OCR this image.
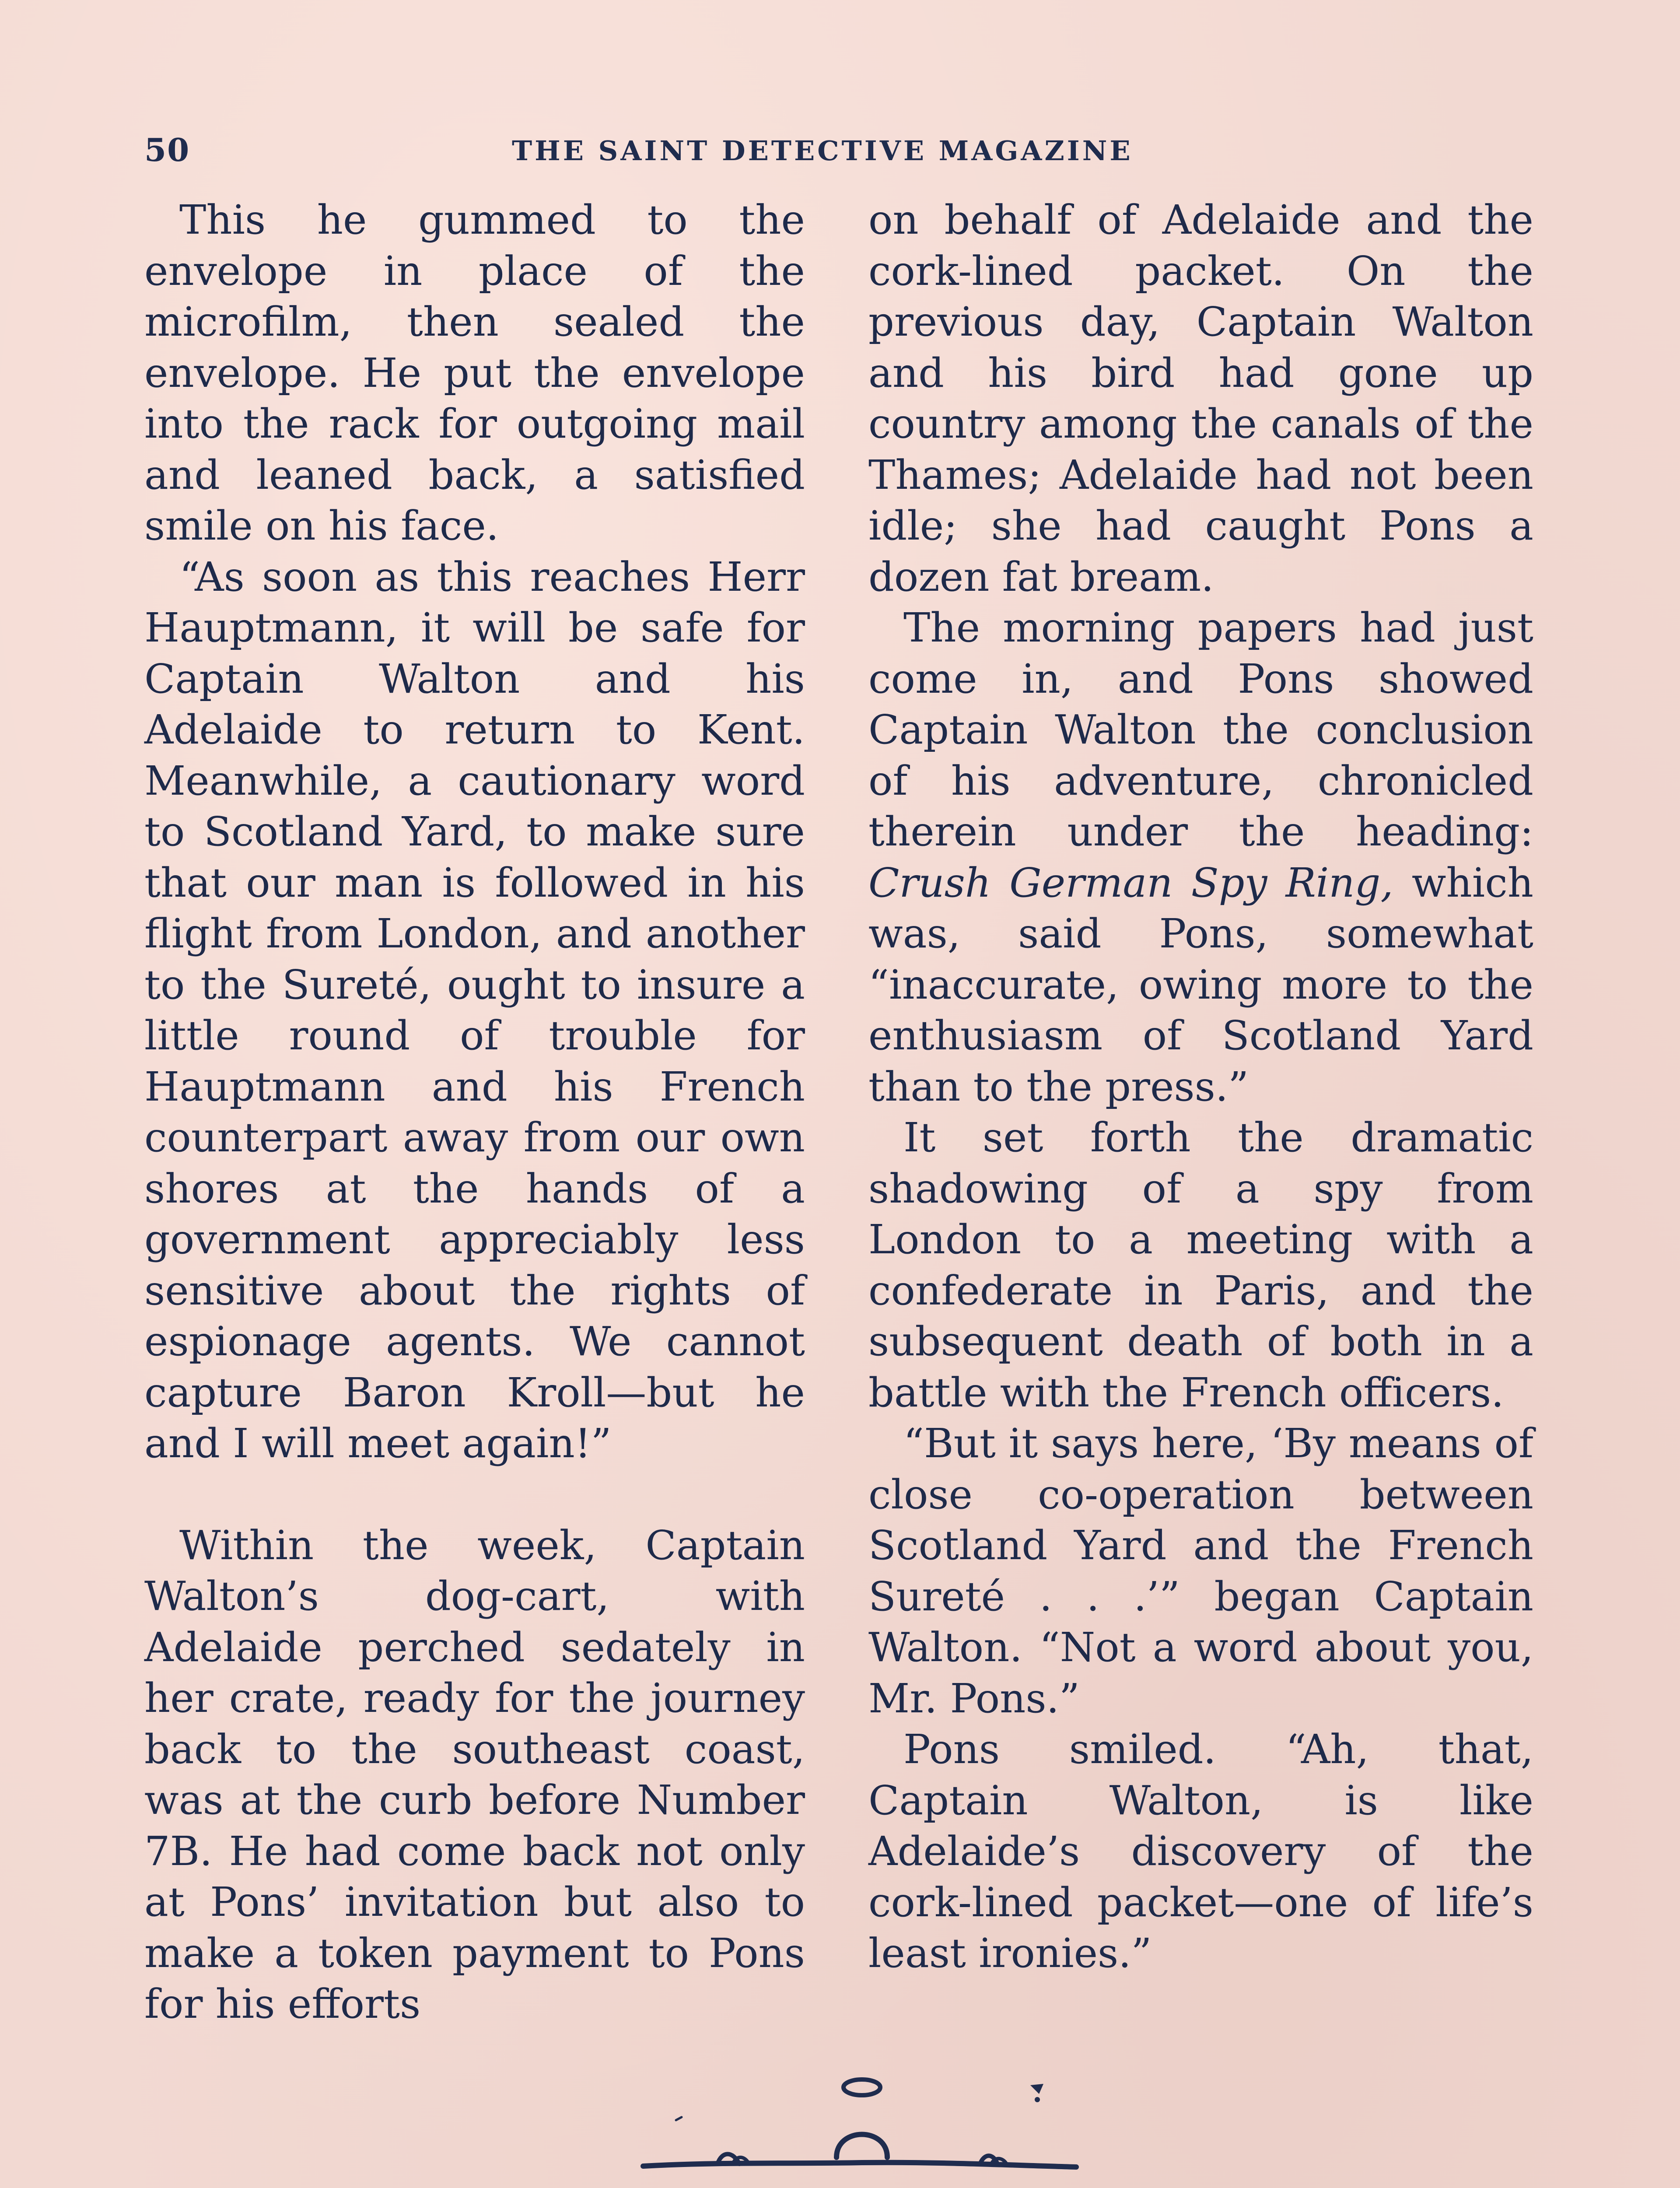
50	THE SAINT DETECTIVE MAGAZINE

This he gummed to the envelope in place of the microfilm, then sealed the envelope. He put the envelope into the rack for outgoing mail and leaned back, a satisfied smile on his face.

“As soon as this reaches Herr Hauptmann, it will be safe for Captain Walton and his Adelaide to return to Kent. Meanwhile, a cautionary word to Scotland Yard, to make sure that our man is followed in his flight from London, and another to the Sureté, ought to insure a little round of trouble for Hauptmann and his French counterpart away from our own shores at the hands of a government appreciably less sensitive about the rights of espionage agents. We cannot capture Baron Kroll—but he and I will meet again!”

Within the week, Captain Walton’s dog-cart, with Adelaide perched sedately in her crate, ready for the journey back to the southeast coast, was at the curb before Number 7B. He had come back not only at Pons’ invitation but also to make a token payment to Pons for his efforts

on behalf of Adelaide and the cork-lined packet. On the previous day, Captain Walton and his bird had gone up country among the canals of the Thames; Adelaide had not been idle; she had caught Pons a dozen fat bream.

The morning papers had just come in, and Pons showed Captain Walton the conclusion of his adventure, chronicled therein under the heading: Crush German Spy Ring, which was, said Pons, somewhat “inaccurate, owing more to the enthusiasm of Scotland Yard than to the press.”

It set forth the dramatic shadowing of a spy from London to a meeting with a confederate in Paris, and the subsequent death of both in a battle with the French officers.

“But it says here, ‘By means of close co-operation between Scotland Yard and the French Sureté . . .’” began Captain Walton. “Not a word about you, Mr. Pons.”

Pons smiled. “Ah, that, Captain Walton, is like Adelaide’s discovery of the cork-lined packet—one of life’s least ironies.”
